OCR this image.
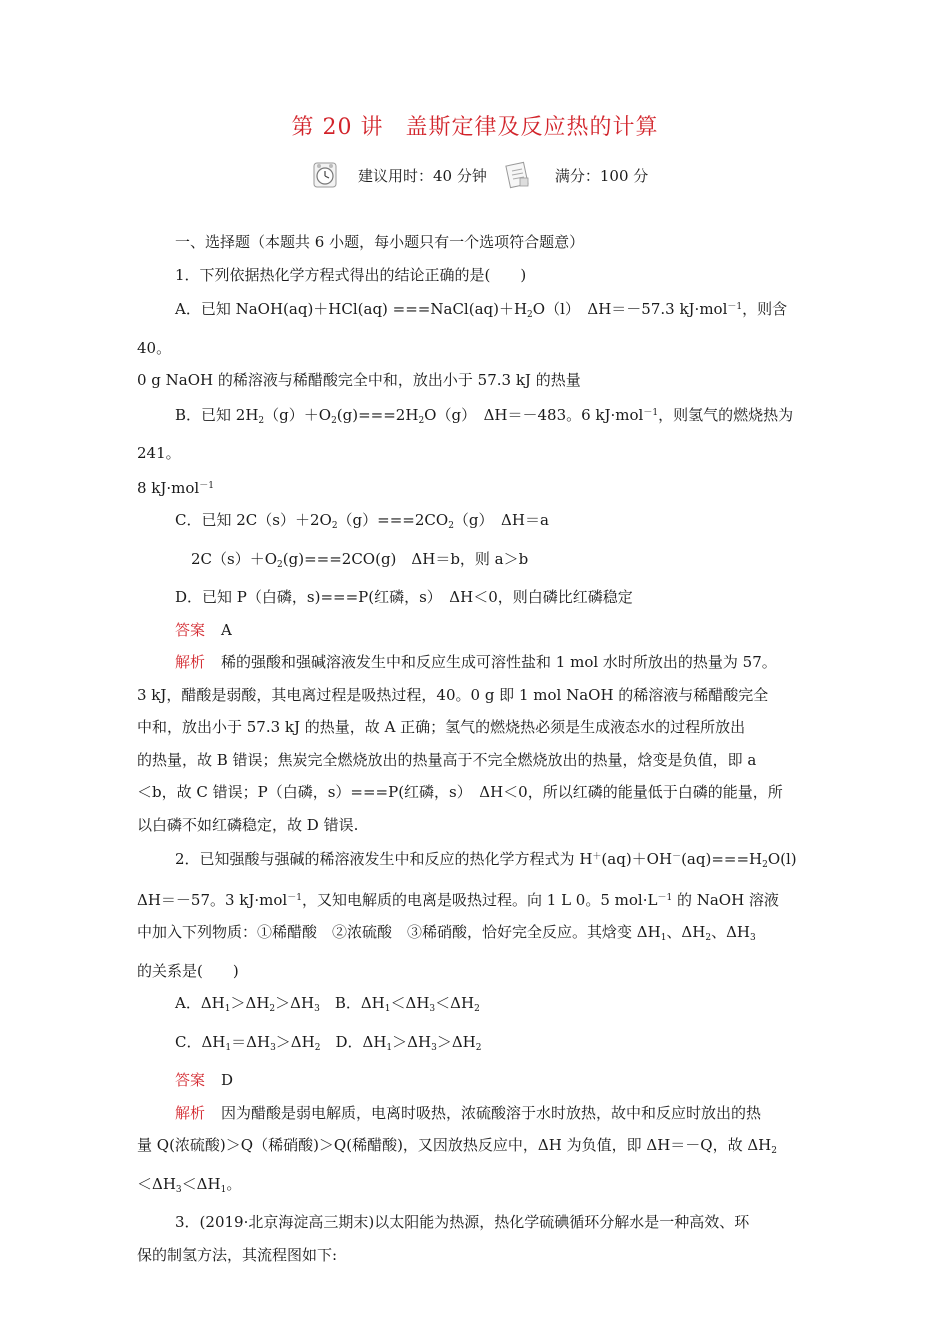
第 20 讲 盖斯定律及反应热的计算
建议用时：40 分钟	满分：100 分

一、选择题（本题共 6 小题，每小题只有一个选项符合题意）

1．下列依据热化学方程式得出的结论正确的是(　　)

A．已知 NaOH(aq)＋HCl(aq) $===NaCl(aq)+H_2O(l)$　ΔH＝－57.3 kJ·mol$^{-1}$，则含 40。

0 g NaOH 的稀溶液与稀醋酸完全中和，放出小于 57.3 kJ 的热量

B．已知 $2H_2(g)+O_2(g)===2H_2O(g)$　ΔH＝－483。6 kJ·mol$^{-1}$，则氢气的燃烧热为 241。

8 kJ·mol$^{-1}$

C．已知 $2C(s)+2O_2(g)===2CO_2(g)$　ΔH＝a

$2C(s)+O_2(g)===2CO(g)$　ΔH＝b，则 a＞b

D．已知 P（白磷，s)===P(红磷，s）　ΔH＜0，则白磷比红磷稳定

答案 A

解析 稀的强酸和强碱溶液发生中和反应生成可溶性盐和 1 mol 水时所放出的热量为 57。

3 kJ，醋酸是弱酸，其电离过程是吸热过程，40。0 g 即 1 mol NaOH 的稀溶液与稀醋酸完全

中和，放出小于 57.3 kJ 的热量，故 A 正确；氢气的燃烧热必须是生成液态水的过程所放出

的热量，故 B 错误；焦炭完全燃烧放出的热量高于不完全燃烧放出的热量，焓变是负值，即 a

＜b，故 C 错误；P（白磷，s）===P(红磷，s）　ΔH＜0，所以红磷的能量低于白磷的能量，所

以白磷不如红磷稳定，故 D 错误.

2．已知强酸与强碱的稀溶液发生中和反应的热化学方程式为 $H^+(aq)+OH^-(aq)===H_2O(l)$

ΔH＝－57。3 kJ·mol$^{-1}$，又知电解质的电离是吸热过程。向 1 L 0。5 $mol\cdot L^{-1}$ 的 NaOH 溶液

中加入下列物质：①稀醋酸　②浓硫酸　③稀硝酸，恰好完全反应。其焓变 $\Delta H_1$、$\Delta H_2$、$\Delta H_3$

的关系是(　　)

A．$\Delta H_1>\Delta H_2>\Delta H_3$　 B．$\Delta H_1<\Delta H_3<\Delta H_2$

C．$\Delta H_1=\Delta H_3>\Delta H_2$　 D．$\Delta H_1>\Delta H_3>\Delta H_2$

答案 D

解析 因为醋酸是弱电解质，电离时吸热，浓硫酸溶于水时放热，故中和反应时放出的热

量 Q(浓硫酸)＞Q（稀硝酸)＞Q(稀醋酸)，又因放热反应中，ΔH 为负值，即 ΔH＝－Q，故 $\Delta H_2$

$<\Delta H_3<\Delta H_1$。

3．(2019·北京海淀高三期末)以太阳能为热源，热化学硫碘循环分解水是一种高效、环

保的制氢方法，其流程图如下:
